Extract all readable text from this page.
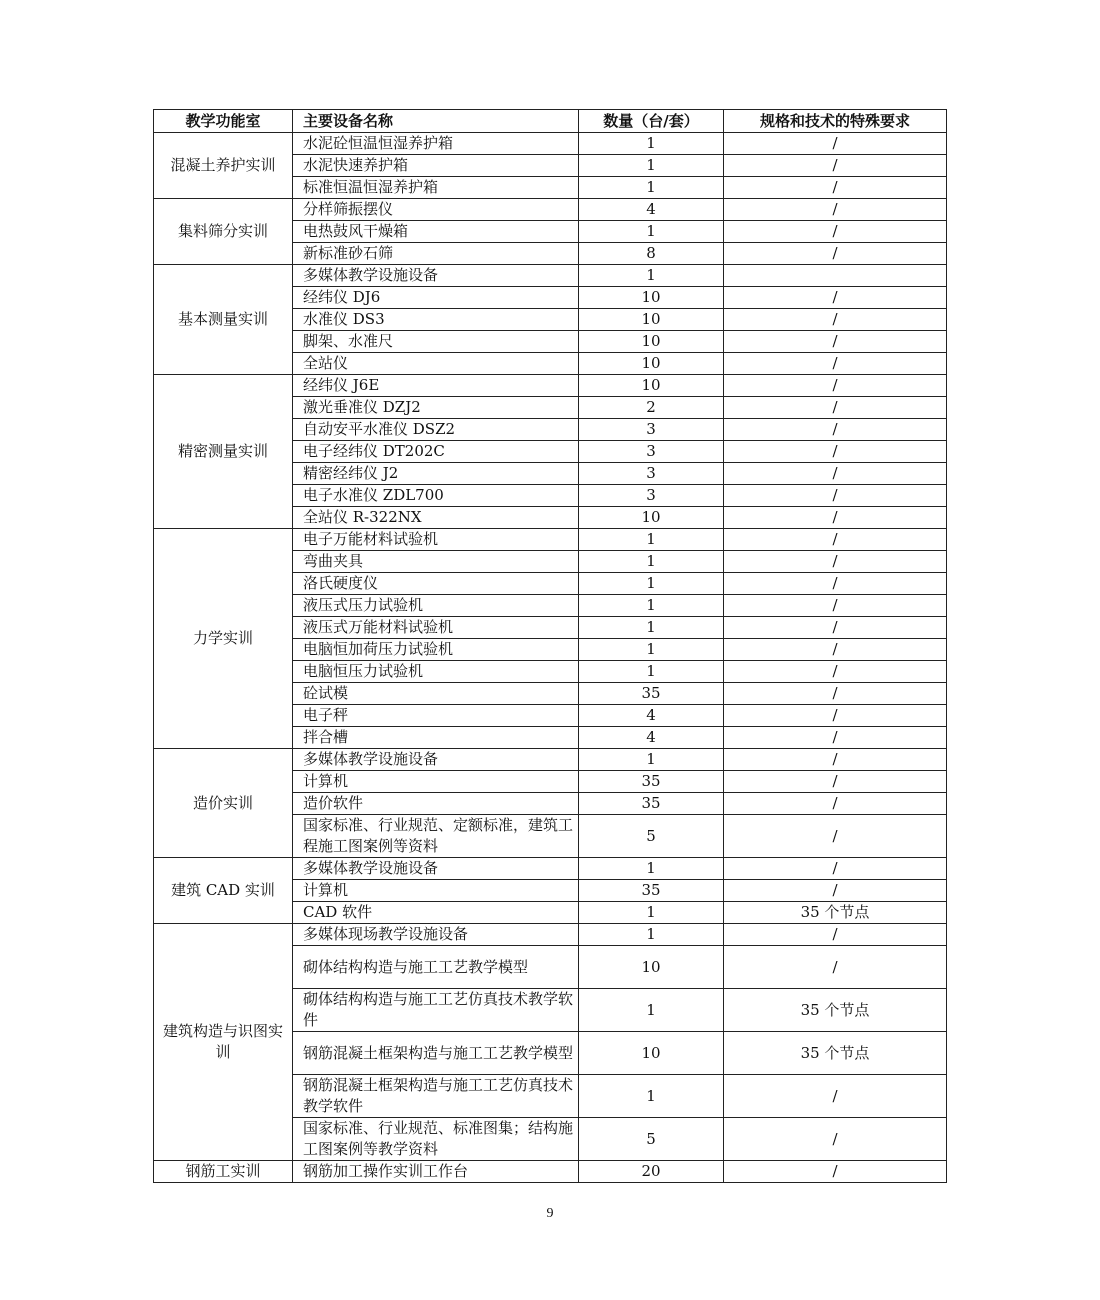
教学功能室	主要设备名称	数量（台/套）	规格和技术的特殊要求
混凝土养护实训	水泥砼恒温恒湿养护箱	1	/
	水泥快速养护箱	1	/
	标准恒温恒湿养护箱	1	/
集料筛分实训	分样筛振摆仪	4	/
	电热鼓风干燥箱	1	/
	新标准砂石筛	8	/
基本测量实训	多媒体教学设施设备	1	
	经纬仪 DJ6	10	/
	水准仪 DS3	10	/
	脚架、水准尺	10	/
	全站仪	10	/
精密测量实训	经纬仪 J6E	10	/
	激光垂准仪 DZJ2	2	/
	自动安平水准仪 DSZ2	3	/
	电子经纬仪 DT202C	3	/
	精密经纬仪 J2	3	/
	电子水准仪 ZDL700	3	/
	全站仪 R-322NX	10	/
力学实训	电子万能材料试验机	1	/
	弯曲夹具	1	/
	洛氏硬度仪	1	/
	液压式压力试验机	1	/
	液压式万能材料试验机	1	/
	电脑恒加荷压力试验机	1	/
	电脑恒压力试验机	1	/
	砼试模	35	/
	电子秤	4	/
	拌合槽	4	/
造价实训	多媒体教学设施设备	1	/
	计算机	35	/
	造价软件	35	/
	国家标准、行业规范、定额标准，建筑工程施工图案例等资料	5	/
建筑 CAD 实训	多媒体教学设施设备	1	/
	计算机	35	/
	CAD 软件	1	35 个节点
建筑构造与识图实训	多媒体现场教学设施设备	1	/
	砌体结构构造与施工工艺教学模型	10	/
	砌体结构构造与施工工艺仿真技术教学软件	1	35 个节点
	钢筋混凝土框架构造与施工工艺教学模型	10	35 个节点
	钢筋混凝土框架构造与施工工艺仿真技术教学软件	1	/
	国家标准、行业规范、标准图集；结构施工图案例等教学资料	5	/
钢筋工实训	钢筋加工操作实训工作台	20	/
9
